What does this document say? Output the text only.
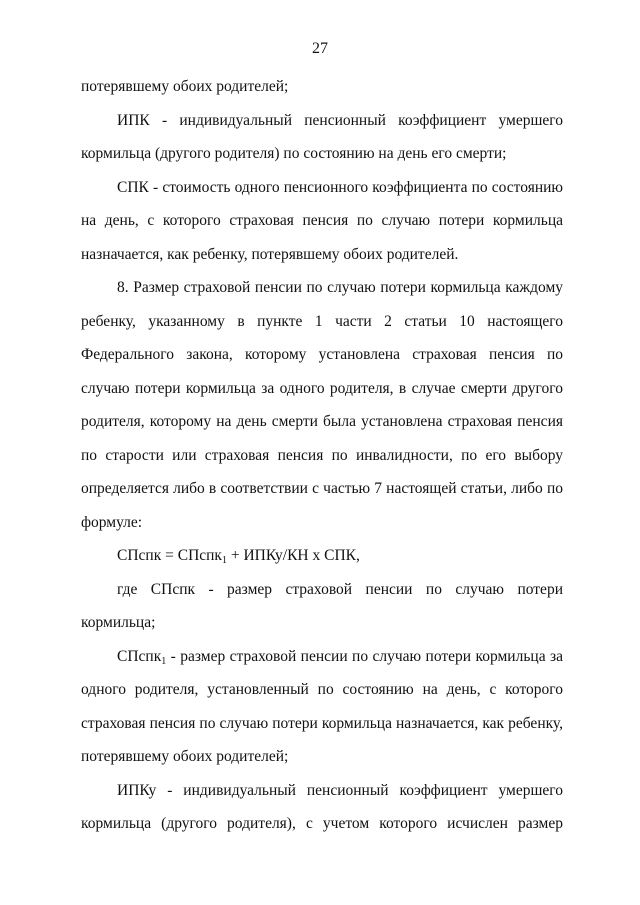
27

потерявшему обоих родителей;

ИПК - индивидуальный пенсионный коэффициент умершего

кормильца (другого родителя) по состоянию на день его смерти;

СПК - стоимость одного пенсионного коэффициента по состоянию

на день, с которого страховая пенсия по случаю потери кормильца назначается, как ребенку, потерявшему обоих родителей.

8. Размер страховой пенсии по случаю потери кормильца каждому ребенку, указанному в пункте 1 части 2 статьи 10 настоящего Федерального закона, которому установлена страховая пенсия по случаю потери кормильца за одного родителя, в случае смерти другого родителя, которому на день смерти была установлена страховая пенсия по старости или страховая пенсия по инвалидности, по его выбору определяется либо в соответствии с частью 7 настоящей статьи, либо по формуле:

СПспк = СПспк$_1$ + ИПКу/КН х СПК,

где СПспк - размер страховой пенсии по случаю потери кормильца;

СПспк$_1$ - размер страховой пенсии по случаю потери кормильца за одного родителя, установленный по состоянию на день, с которого страховая пенсия по случаю потери кормильца назначается, как ребенку, потерявшему обоих родителей;

ИПКу - индивидуальный пенсионный коэффициент умершего

кормильца (другого родителя), с учетом которого исчислен размер
